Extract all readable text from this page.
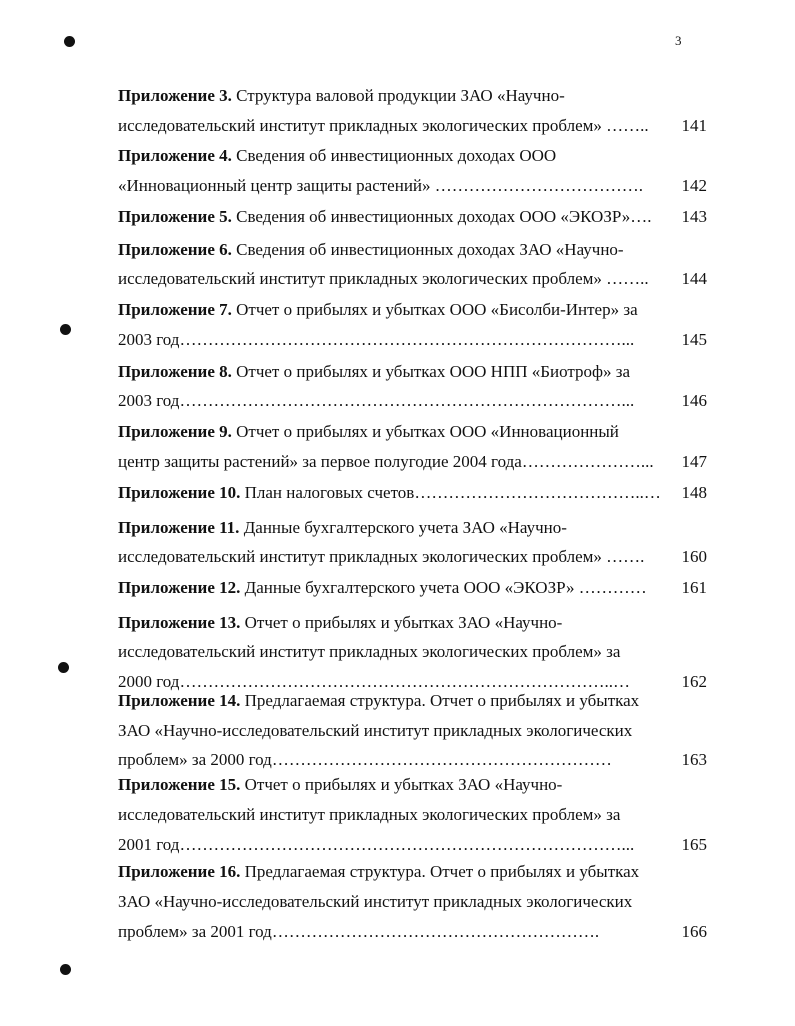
3
Приложение 3. Структура валовой продукции ЗАО «Научно-
исследовательский институт прикладных экологических проблем» ……..	141
Приложение 4. Сведения об инвестиционных доходах ООО
«Инновационный центр защиты растений» ……………………………….	142
Приложение 5. Сведения об инвестиционных доходах ООО «ЭКОЗР»….	143
Приложение 6. Сведения об инвестиционных доходах ЗАО «Научно-
исследовательский институт прикладных экологических проблем» ……..	144
Приложение 7. Отчет о прибылях и убытках ООО «Бисолби-Интер» за
2003 год……………………………………………………………………...	145
Приложение 8. Отчет о прибылях и убытках ООО НПП «Биотроф» за
2003 год……………………………………………………………………...	146
Приложение 9. Отчет о прибылях и убытках ООО «Инновационный
центр защиты растений» за первое полугодие 2004 года…………………...	147
Приложение 10. План налоговых счетов…………………………………..…	148
Приложение 11. Данные бухгалтерского учета ЗАО «Научно-
исследовательский институт прикладных экологических проблем» …….	160
Приложение 12. Данные бухгалтерского учета ООО «ЭКОЗР» …………	161
Приложение 13. Отчет о прибылях и убытках ЗАО «Научно-
исследовательский институт прикладных экологических проблем» за
2000 год…………………………………………………………………..…	162
Приложение 14. Предлагаемая структура. Отчет о прибылях и убытках
ЗАО «Научно-исследовательский институт прикладных экологических
проблем» за 2000 год……………………………………………………	163
Приложение 15. Отчет о прибылях и убытках ЗАО «Научно-
исследовательский институт прикладных экологических проблем» за
2001 год……………………………………………………………………...	165
Приложение 16. Предлагаемая структура. Отчет о прибылях и убытках
ЗАО «Научно-исследовательский институт прикладных экологических
проблем» за 2001 год………………………………………………….	166
